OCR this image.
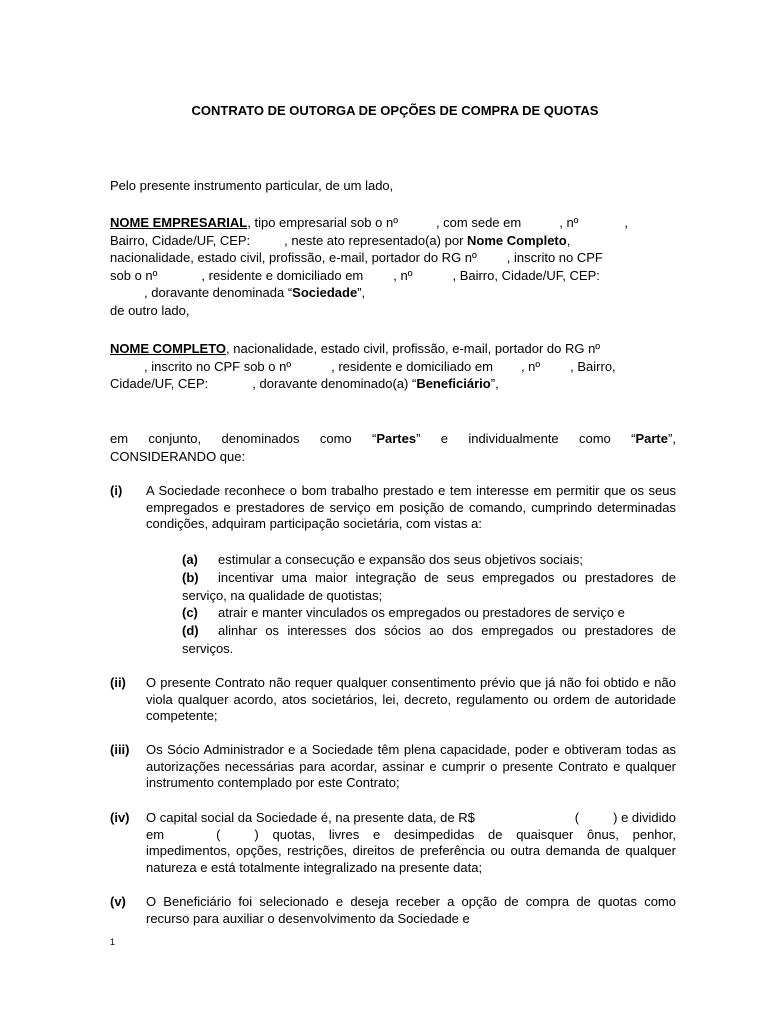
CONTRATO DE OUTORGA DE OPÇÕES DE COMPRA DE QUOTAS
Pelo presente instrumento particular, de um lado,
NOME EMPRESARIAL, tipo empresarial sob o nº	, com sede em	, nº	,
Bairro, Cidade/UF, CEP:	, neste ato representado(a) por Nome Completo,
nacionalidade, estado civil, profissão, e-mail, portador do RG nº , inscrito no CPF
sob o nº	, residente e domiciliado em , nº	, Bairro, Cidade/UF, CEP:
, doravante denominada “Sociedade”,
de outro lado,
NOME COMPLETO, nacionalidade, estado civil, profissão, e-mail, portador do RG nº
, inscrito no CPF sob o nº	, residente e domiciliado em , nº , Bairro,
Cidade/UF, CEP:	, doravante denominado(a) “Beneficiário”,
em conjunto, denominados como “Partes” e individualmente como “Parte”,
CONSIDERANDO que:
(i) A Sociedade reconhece o bom trabalho prestado e tem interesse em permitir que os seus empregados e prestadores de serviço em posição de comando, cumprindo determinadas condições, adquiram participação societária, com vistas a:
(a) estimular a consecução e expansão dos seus objetivos sociais;
(b) incentivar uma maior integração de seus empregados ou prestadores de serviço, na qualidade de quotistas;
(c) atrair e manter vinculados os empregados ou prestadores de serviço e
(d) alinhar os interesses dos sócios ao dos empregados ou prestadores de serviços.
(ii) O presente Contrato não requer qualquer consentimento prévio que já não foi obtido e não viola qualquer acordo, atos societários, lei, decreto, regulamento ou ordem de autoridade competente;
(iii) Os Sócio Administrador e a Sociedade têm plena capacidade, poder e obtiveram todas as autorizações necessárias para acordar, assinar e cumprir o presente Contrato e qualquer instrumento contemplado por este Contrato;
(iv) O capital social da Sociedade é, na presente data, de R$	(	) e dividido
em	(	) quotas, livres e desimpedidas de quaisquer ônus, penhor, impedimentos, opções, restrições, direitos de preferência ou outra demanda de qualquer natureza e está totalmente integralizado na presente data;
(v) O Beneficiário foi selecionado e deseja receber a opção de compra de quotas como recurso para auxiliar o desenvolvimento da Sociedade e
1
